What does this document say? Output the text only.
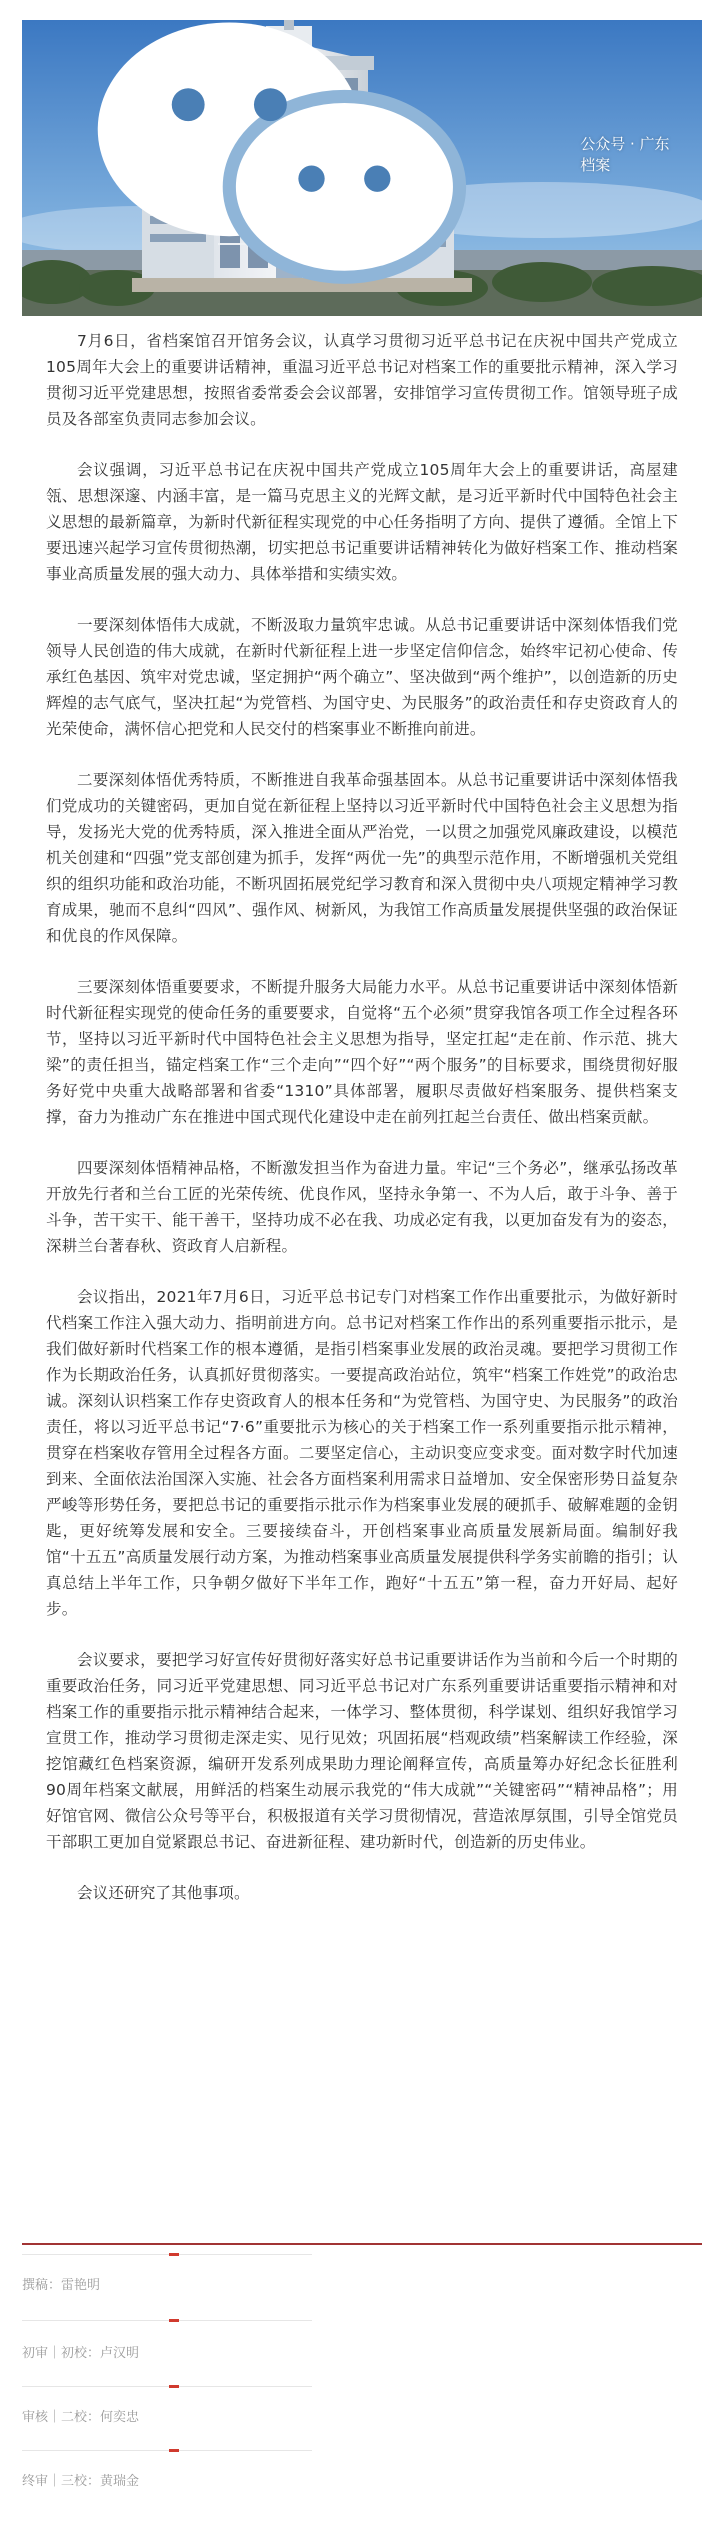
公众号 · 广东档案

7月6日，省档案馆召开馆务会议，认真学习贯彻习近平总书记在庆祝中国共产党成立105周年大会上的重要讲话精神，重温习近平总书记对档案工作的重要批示精神，深入学习贯彻习近平党建思想，按照省委常委会会议部署，安排馆学习宣传贯彻工作。馆领导班子成员及各部室负责同志参加会议。

会议强调，习近平总书记在庆祝中国共产党成立105周年大会上的重要讲话，高屋建瓴、思想深邃、内涵丰富，是一篇马克思主义的光辉文献，是习近平新时代中国特色社会主义思想的最新篇章，为新时代新征程实现党的中心任务指明了方向、提供了遵循。全馆上下要迅速兴起学习宣传贯彻热潮，切实把总书记重要讲话精神转化为做好档案工作、推动档案事业高质量发展的强大动力、具体举措和实绩实效。

一要深刻体悟伟大成就，不断汲取力量筑牢忠诚。从总书记重要讲话中深刻体悟我们党领导人民创造的伟大成就，在新时代新征程上进一步坚定信仰信念，始终牢记初心使命、传承红色基因、筑牢对党忠诚，坚定拥护“两个确立”、坚决做到“两个维护”，以创造新的历史辉煌的志气底气，坚决扛起“为党管档、为国守史、为民服务”的政治责任和存史资政育人的光荣使命，满怀信心把党和人民交付的档案事业不断推向前进。

二要深刻体悟优秀特质，不断推进自我革命强基固本。从总书记重要讲话中深刻体悟我们党成功的关键密码，更加自觉在新征程上坚持以习近平新时代中国特色社会主义思想为指导，发扬光大党的优秀特质，深入推进全面从严治党，一以贯之加强党风廉政建设，以模范机关创建和“四强”党支部创建为抓手，发挥“两优一先”的典型示范作用，不断增强机关党组织的组织功能和政治功能，不断巩固拓展党纪学习教育和深入贯彻中央八项规定精神学习教育成果，驰而不息纠“四风”、强作风、树新风，为我馆工作高质量发展提供坚强的政治保证和优良的作风保障。

三要深刻体悟重要要求，不断提升服务大局能力水平。从总书记重要讲话中深刻体悟新时代新征程实现党的使命任务的重要要求，自觉将“五个必须”贯穿我馆各项工作全过程各环节，坚持以习近平新时代中国特色社会主义思想为指导，坚定扛起“走在前、作示范、挑大梁”的责任担当，锚定档案工作“三个走向”“四个好”“两个服务”的目标要求，围绕贯彻好服务好党中央重大战略部署和省委“1310”具体部署，履职尽责做好档案服务、提供档案支撑，奋力为推动广东在推进中国式现代化建设中走在前列扛起兰台责任、做出档案贡献。

四要深刻体悟精神品格，不断激发担当作为奋进力量。牢记“三个务必”，继承弘扬改革开放先行者和兰台工匠的光荣传统、优良作风，坚持永争第一、不为人后，敢于斗争、善于斗争，苦干实干、能干善干，坚持功成不必在我、功成必定有我，以更加奋发有为的姿态，深耕兰台著春秋、资政育人启新程。

会议指出，2021年7月6日，习近平总书记专门对档案工作作出重要批示，为做好新时代档案工作注入强大动力、指明前进方向。总书记对档案工作作出的系列重要指示批示，是我们做好新时代档案工作的根本遵循，是指引档案事业发展的政治灵魂。要把学习贯彻工作作为长期政治任务，认真抓好贯彻落实。一要提高政治站位，筑牢“档案工作姓党”的政治忠诚。深刻认识档案工作存史资政育人的根本任务和“为党管档、为国守史、为民服务”的政治责任，将以习近平总书记“7·6”重要批示为核心的关于档案工作一系列重要指示批示精神，贯穿在档案收存管用全过程各方面。二要坚定信心，主动识变应变求变。面对数字时代加速到来、全面依法治国深入实施、社会各方面档案利用需求日益增加、安全保密形势日益复杂严峻等形势任务，要把总书记的重要指示批示作为档案事业发展的硬抓手、破解难题的金钥匙，更好统筹发展和安全。三要接续奋斗，开创档案事业高质量发展新局面。编制好我馆“十五五”高质量发展行动方案，为推动档案事业高质量发展提供科学务实前瞻的指引；认真总结上半年工作，只争朝夕做好下半年工作，跑好“十五五”第一程，奋力开好局、起好步。

会议要求，要把学习好宣传好贯彻好落实好总书记重要讲话作为当前和今后一个时期的重要政治任务，同习近平党建思想、同习近平总书记对广东系列重要讲话重要指示精神和对档案工作的重要指示批示精神结合起来，一体学习、整体贯彻，科学谋划、组织好我馆学习宣贯工作，推动学习贯彻走深走实、见行见效；巩固拓展“档观政绩”档案解读工作经验，深挖馆藏红色档案资源，编研开发系列成果助力理论阐释宣传，高质量筹办好纪念长征胜利90周年档案文献展，用鲜活的档案生动展示我党的“伟大成就”“关键密码”“精神品格”；用好馆官网、微信公众号等平台，积极报道有关学习贯彻情况，营造浓厚氛围，引导全馆党员干部职工更加自觉紧跟总书记、奋进新征程、建功新时代，创造新的历史伟业。

会议还研究了其他事项。

撰稿：雷艳明
初审｜初校：卢汉明
审核｜二校：何奕忠
终审｜三校：黄瑞金
